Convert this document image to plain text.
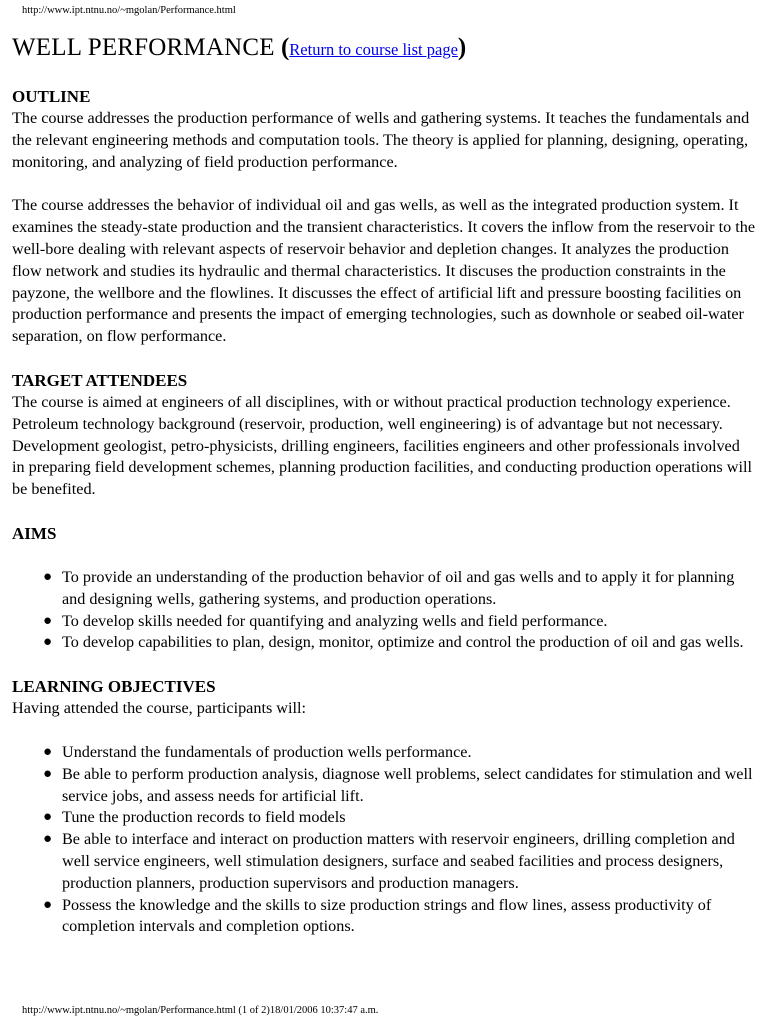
http://www.ipt.ntnu.no/~mgolan/Performance.html
WELL PERFORMANCE (Return to course list page)
OUTLINE

The course addresses the production performance of wells and gathering systems. It teaches the fundamentals and the relevant engineering methods and computation tools. The theory is applied for planning, designing, operating, monitoring, and analyzing of field production performance.

The course addresses the behavior of individual oil and gas wells, as well as the integrated production system. It examines the steady-state production and the transient characteristics. It covers the inflow from the reservoir to the well-bore dealing with relevant aspects of reservoir behavior and depletion changes. It analyzes the production flow network and studies its hydraulic and thermal characteristics. It discuses the production constraints in the payzone, the wellbore and the flowlines. It discusses the effect of artificial lift and pressure boosting facilities on production performance and presents the impact of emerging technologies, such as downhole or seabed oil-water separation, on flow performance.

TARGET ATTENDEES

The course is aimed at engineers of all disciplines, with or without practical production technology experience. Petroleum technology background (reservoir, production, well engineering) is of advantage but not necessary. Development geologist, petro-physicists, drilling engineers, facilities engineers and other professionals involved in preparing field development schemes, planning production facilities, and conducting production operations will be benefited.

AIMS
● To provide an understanding of the production behavior of oil and gas wells and to apply it for planning and designing wells, gathering systems, and production operations.
● To develop skills needed for quantifying and analyzing wells and field performance.
● To develop capabilities to plan, design, monitor, optimize and control the production of oil and gas wells.
LEARNING OBJECTIVES

Having attended the course, participants will:

● Understand the fundamentals of production wells performance.
● Be able to perform production analysis, diagnose well problems, select candidates for stimulation and well service jobs, and assess needs for artificial lift.
● Tune the production records to field models
● Be able to interface and interact on production matters with reservoir engineers, drilling completion and well service engineers, well stimulation designers, surface and seabed facilities and process designers, production planners, production supervisors and production managers.
● Possess the knowledge and the skills to size production strings and flow lines, assess productivity of completion intervals and completion options.
http://www.ipt.ntnu.no/~mgolan/Performance.html (1 of 2)18/01/2006 10:37:47 a.m.
